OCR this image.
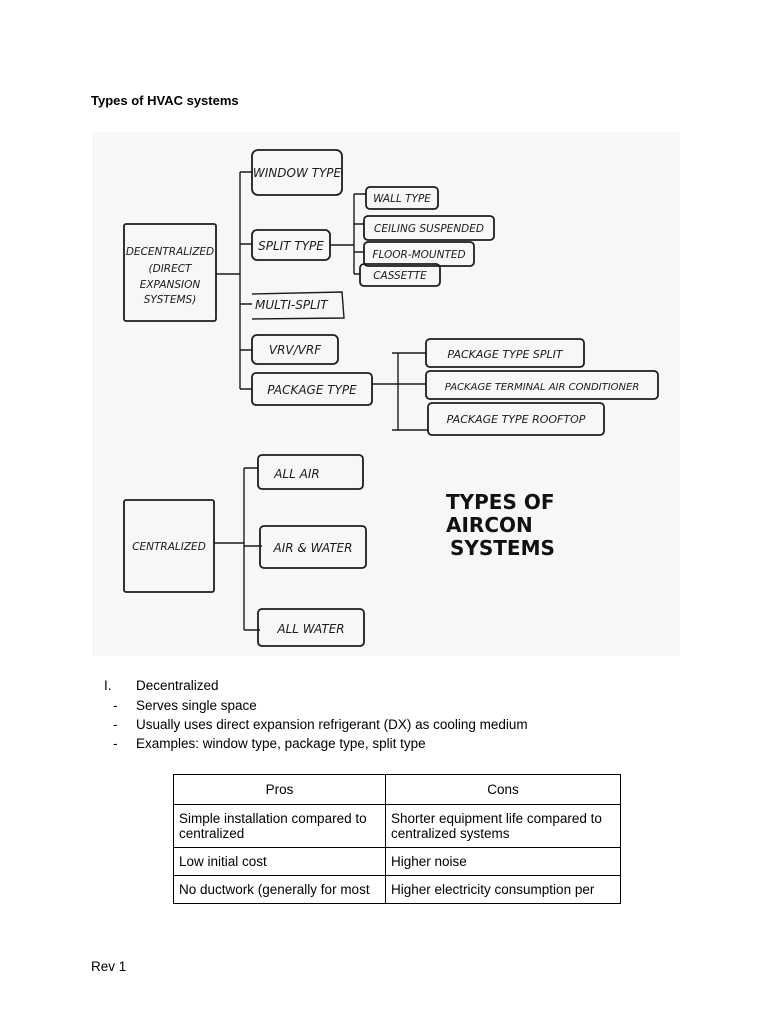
Types of HVAC systems
DECENTRALIZED
(DIRECT
EXPANSION
SYSTEMS)
WINDOW TYPE
SPLIT TYPE
MULTI-SPLIT
VRV/VRF
PACKAGE TYPE
WALL TYPE
CEILING SUSPENDED
FLOOR-MOUNTED
CASSETTE
PACKAGE TYPE SPLIT
PACKAGE TERMINAL AIR CONDITIONER
PACKAGE TYPE ROOFTOP
CENTRALIZED
ALL AIR
AIR & WATER
ALL WATER
TYPES OF
AIRCON
SYSTEMS
I. Decentralized
- Serves single space
- Usually uses direct expansion refrigerant (DX) as cooling medium
- Examples: window type, package type, split type
Pros	Cons
Simple installation compared to centralized	Shorter equipment life compared to centralized systems
Low initial cost	Higher noise
No ductwork (generally for most	Higher electricity consumption per
Rev 1
